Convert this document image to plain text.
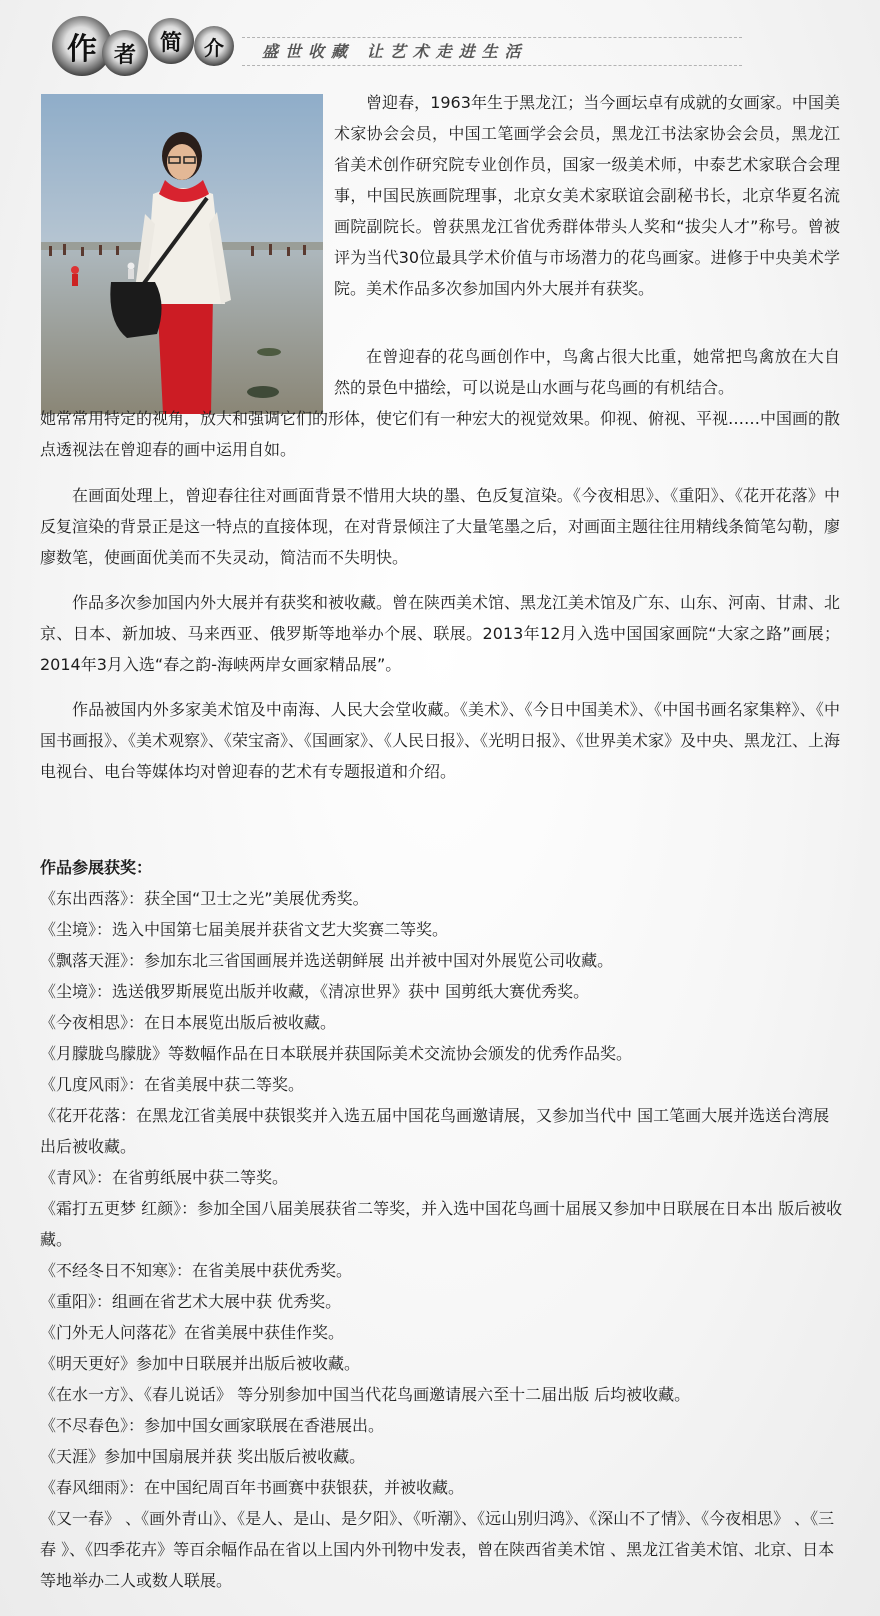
作 者 简 介 盛世收藏 让艺术走进生活

曾迎春，1963年生于黑龙江；当今画坛卓有成就的女画家。中国美术家协会会员，中国工笔画学会会员，黑龙江书法家协会会员，黑龙江省美术创作研究院专业创作员，国家一级美术师，中泰艺术家联合会理事，中国民族画院理事，北京女美术家联谊会副秘书长，北京华夏名流画院副院长。曾获黑龙江省优秀群体带头人奖和“拔尖人才”称号。曾被评为当代30位最具学术价值与市场潜力的花鸟画家。进修于中央美术学院。美术作品多次参加国内外大展并有获奖。

在曾迎春的花鸟画创作中，鸟禽占很大比重，她常把鸟禽放在大自然的景色中描绘，可以说是山水画与花鸟画的有机结合。

她常常用特定的视角，放大和强调它们的形体，使它们有一种宏大的视觉效果。仰视、俯视、平视……中国画的散点透视法在曾迎春的画中运用自如。

在画面处理上，曾迎春往往对画面背景不惜用大块的墨、色反复渲染。《今夜相思》、《重阳》、《花开花落》中反复渲染的背景正是这一特点的直接体现，在对背景倾注了大量笔墨之后，对画面主题往往用精线条简笔勾勒，廖廖数笔，使画面优美而不失灵动，简洁而不失明快。

作品多次参加国内外大展并有获奖和被收藏。曾在陕西美术馆、黑龙江美术馆及广东、山东、河南、甘肃、北京、日本、新加坡、马来西亚、俄罗斯等地举办个展、联展。2013年12月入选中国国家画院“大家之路”画展；2014年3月入选“春之韵-海峡两岸女画家精品展”。

作品被国内外多家美术馆及中南海、人民大会堂收藏。《美术》、《今日中国美术》、《中国书画名家集粹》、《中国书画报》、《美术观察》、《荣宝斋》、《国画家》、《人民日报》、《光明日报》、《世界美术家》及中央、黑龙江、上海电视台、电台等媒体均对曾迎春的艺术有专题报道和介绍。

作品参展获奖：

《东出西落》：获全国“卫士之光”美展优秀奖。
《尘境》：选入中国第七届美展并获省文艺大奖赛二等奖。
《飘落天涯》：参加东北三省国画展并选送朝鲜展 出并被中国对外展览公司收藏。
《尘境》：选送俄罗斯展览出版并收藏，《清凉世界》获中 国剪纸大赛优秀奖。
《今夜相思》：在日本展览出版后被收藏。
《月朦胧鸟朦胧》等数幅作品在日本联展并获国际美术交流协会颁发的优秀作品奖。
《几度风雨》：在省美展中获二等奖。
《花开花落：在黑龙江省美展中获银奖并入选五届中国花鸟画邀请展，又参加当代中 国工笔画大展并选送台湾展出后被收藏。
《青风》：在省剪纸展中获二等奖。
《霜打五更梦 红颜》：参加全国八届美展获省二等奖，并入选中国花鸟画十届展又参加中日联展在日本出 版后被收藏。
《不经冬日不知寒》：在省美展中获优秀奖。
《重阳》：组画在省艺术大展中获 优秀奖。
《门外无人问落花》在省美展中获佳作奖。
《明天更好》参加中日联展并出版后被收藏。
《在水一方》、《春儿说话》 等分别参加中国当代花鸟画邀请展六至十二届出版 后均被收藏。
《不尽春色》：参加中国女画家联展在香港展出。
《天涯》参加中国扇展并获 奖出版后被收藏。
《春风细雨》：在中国纪周百年书画赛中获银获，并被收藏。
《又一春》 、《画外青山》、《是人、是山、是夕阳》、《听潮》、《远山别归鸿》、《深山不了情》、《今夜相思》 、《三春 》、《四季花卉》等百余幅作品在省以上国内外刊物中发表，曾在陕西省美术馆 、黑龙江省美术馆、北京、日本等地举办二人或数人联展。
